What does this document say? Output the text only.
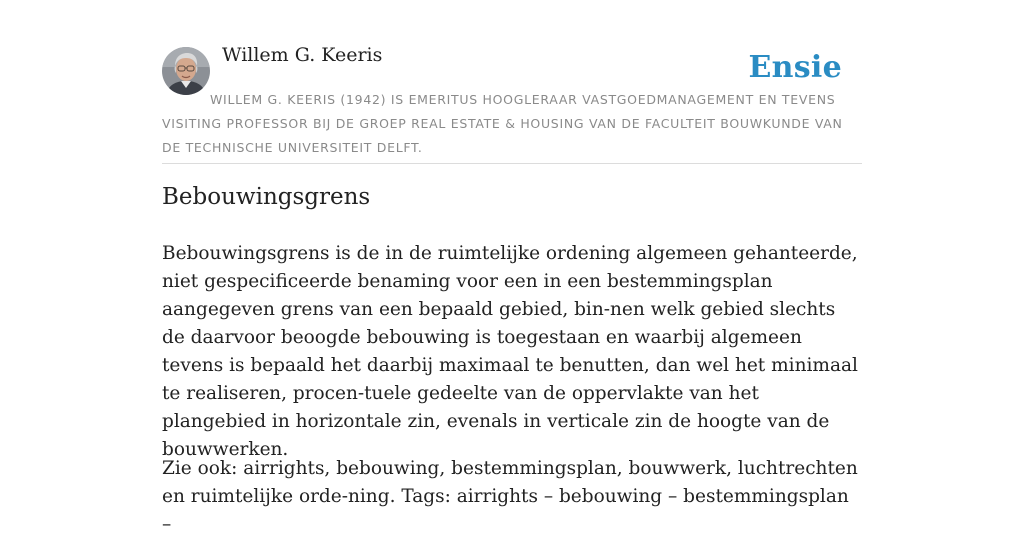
Willem G. Keeris	Ensie

WILLEM G. KEERIS (1942) IS EMERITUS HOOGLERAAR VASTGOEDMANAGEMENT EN TEVENS VISITING PROFESSOR BIJ DE GROEP REAL ESTATE & HOUSING VAN DE FACULTEIT BOUWKUNDE VAN DE TECHNISCHE UNIVERSITEIT DELFT.

Bebouwingsgrens

Bebouwingsgrens is de in de ruimtelijke ordening algemeen gehanteerde, niet gespecificeerde benaming voor een in een bestemmingsplan aangegeven grens van een bepaald gebied, bin-nen welk gebied slechts de daarvoor beoogde bebouwing is toegestaan en waarbij algemeen tevens is bepaald het daarbij maximaal te benutten, dan wel het minimaal te realiseren, procen-tuele gedeelte van de oppervlakte van het plangebied in horizontale zin, evenals in verticale zin de hoogte van de bouwwerken.

Zie ook: airrights, bebouwing, bestemmingsplan, bouwwerk, luchtrechten en ruimtelijke orde-ning. Tags: airrights – bebouwing – bestemmingsplan –
